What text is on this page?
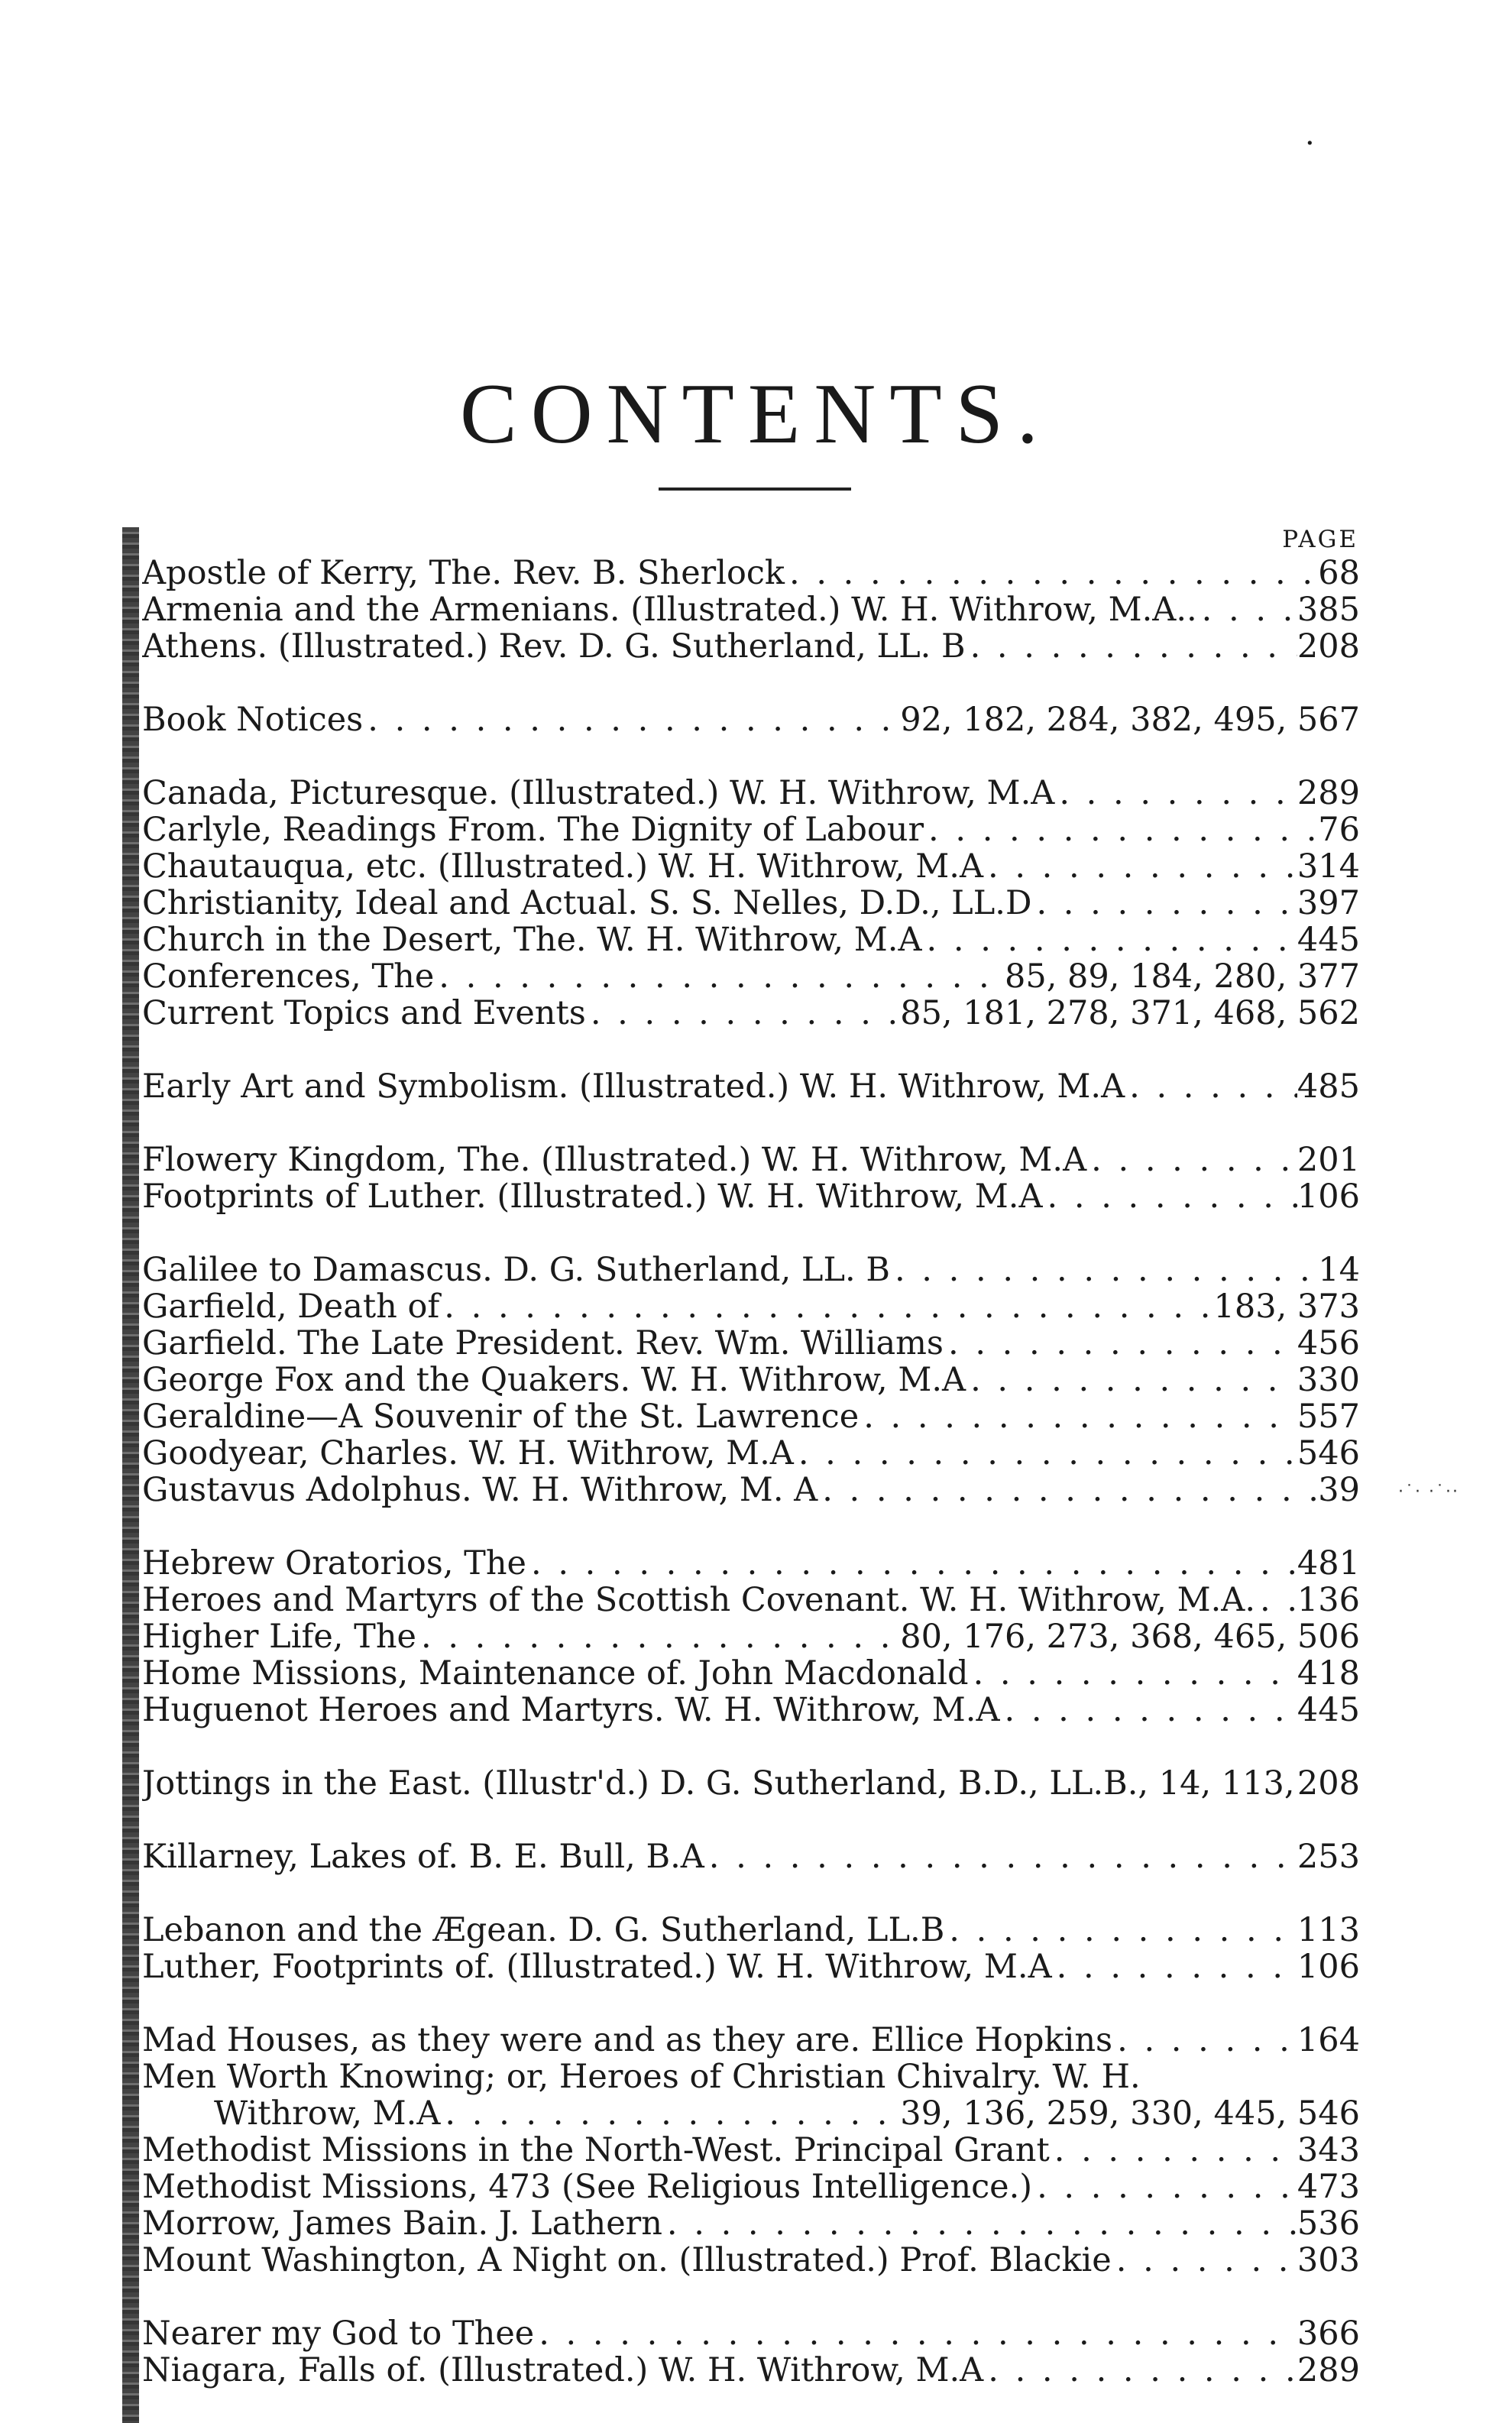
·
·˙· ·˙··
CONTENTS.
PAGE
Apostle of Kerry, The. Rev. B. Sherlock . . .	68
Armenia and the Armenians. (Illustrated.) W. H. Withrow, M.A.. . . .	385
Athens. (Illustrated.) Rev. D. G. Sutherland, LL. B . . .	208
Book Notices . . .	92, 182, 284, 382, 495, 567
Canada, Picturesque. (Illustrated.) W. H. Withrow, M.A . . .	289
Carlyle, Readings From. The Dignity of Labour . . .	76
Chautauqua, etc. (Illustrated.) W. H. Withrow, M.A . . .	314
Christianity, Ideal and Actual. S. S. Nelles, D.D., LL.D . . .	397
Church in the Desert, The. W. H. Withrow, M.A . . .	445
Conferences, The . . .	85, 89, 184, 280, 377
Current Topics and Events . . .	85, 181, 278, 371, 468, 562
Early Art and Symbolism. (Illustrated.) W. H. Withrow, M.A . . .	485
Flowery Kingdom, The. (Illustrated.) W. H. Withrow, M.A . . .	201
Footprints of Luther. (Illustrated.) W. H. Withrow, M.A . . .	106
Galilee to Damascus. D. G. Sutherland, LL. B . . .	14
Garfield, Death of . . .	183, 373
Garfield. The Late President. Rev. Wm. Williams . . .	456
George Fox and the Quakers. W. H. Withrow, M.A . . .	330
Geraldine—A Souvenir of the St. Lawrence . . .	557
Goodyear, Charles. W. H. Withrow, M.A . . .	546
Gustavus Adolphus. W. H. Withrow, M. A . . .	39
Hebrew Oratorios, The . . .	481
Heroes and Martyrs of the Scottish Covenant. W. H. Withrow, M.A. . . . 136
Higher Life, The . . .	80, 176, 273, 368, 465, 506
Home Missions, Maintenance of. John Macdonald . . .	418
Huguenot Heroes and Martyrs. W. H. Withrow, M.A . . .	445
Jottings in the East. (Illustr'd.) D. G. Sutherland, B.D., LL.B., 14, 113, 208
Killarney, Lakes of. B. E. Bull, B.A . . .	253
Lebanon and the Ægean. D. G. Sutherland, LL.B . . .	113
Luther, Footprints of. (Illustrated.) W. H. Withrow, M.A . . .	106
Mad Houses, as they were and as they are. Ellice Hopkins . . .	164
Men Worth Knowing; or, Heroes of Christian Chivalry. W. H.
Withrow, M.A . . .	39, 136, 259, 330, 445, 546
Methodist Missions in the North-West. Principal Grant . . .	343
Methodist Missions, 473 (See Religious Intelligence.) . . .	473
Morrow, James Bain. J. Lathern . . .	536
Mount Washington, A Night on. (Illustrated.) Prof. Blackie . . .	303
Nearer my God to Thee . . .	366
Niagara, Falls of. (Illustrated.) W. H. Withrow, M.A . . .	289
